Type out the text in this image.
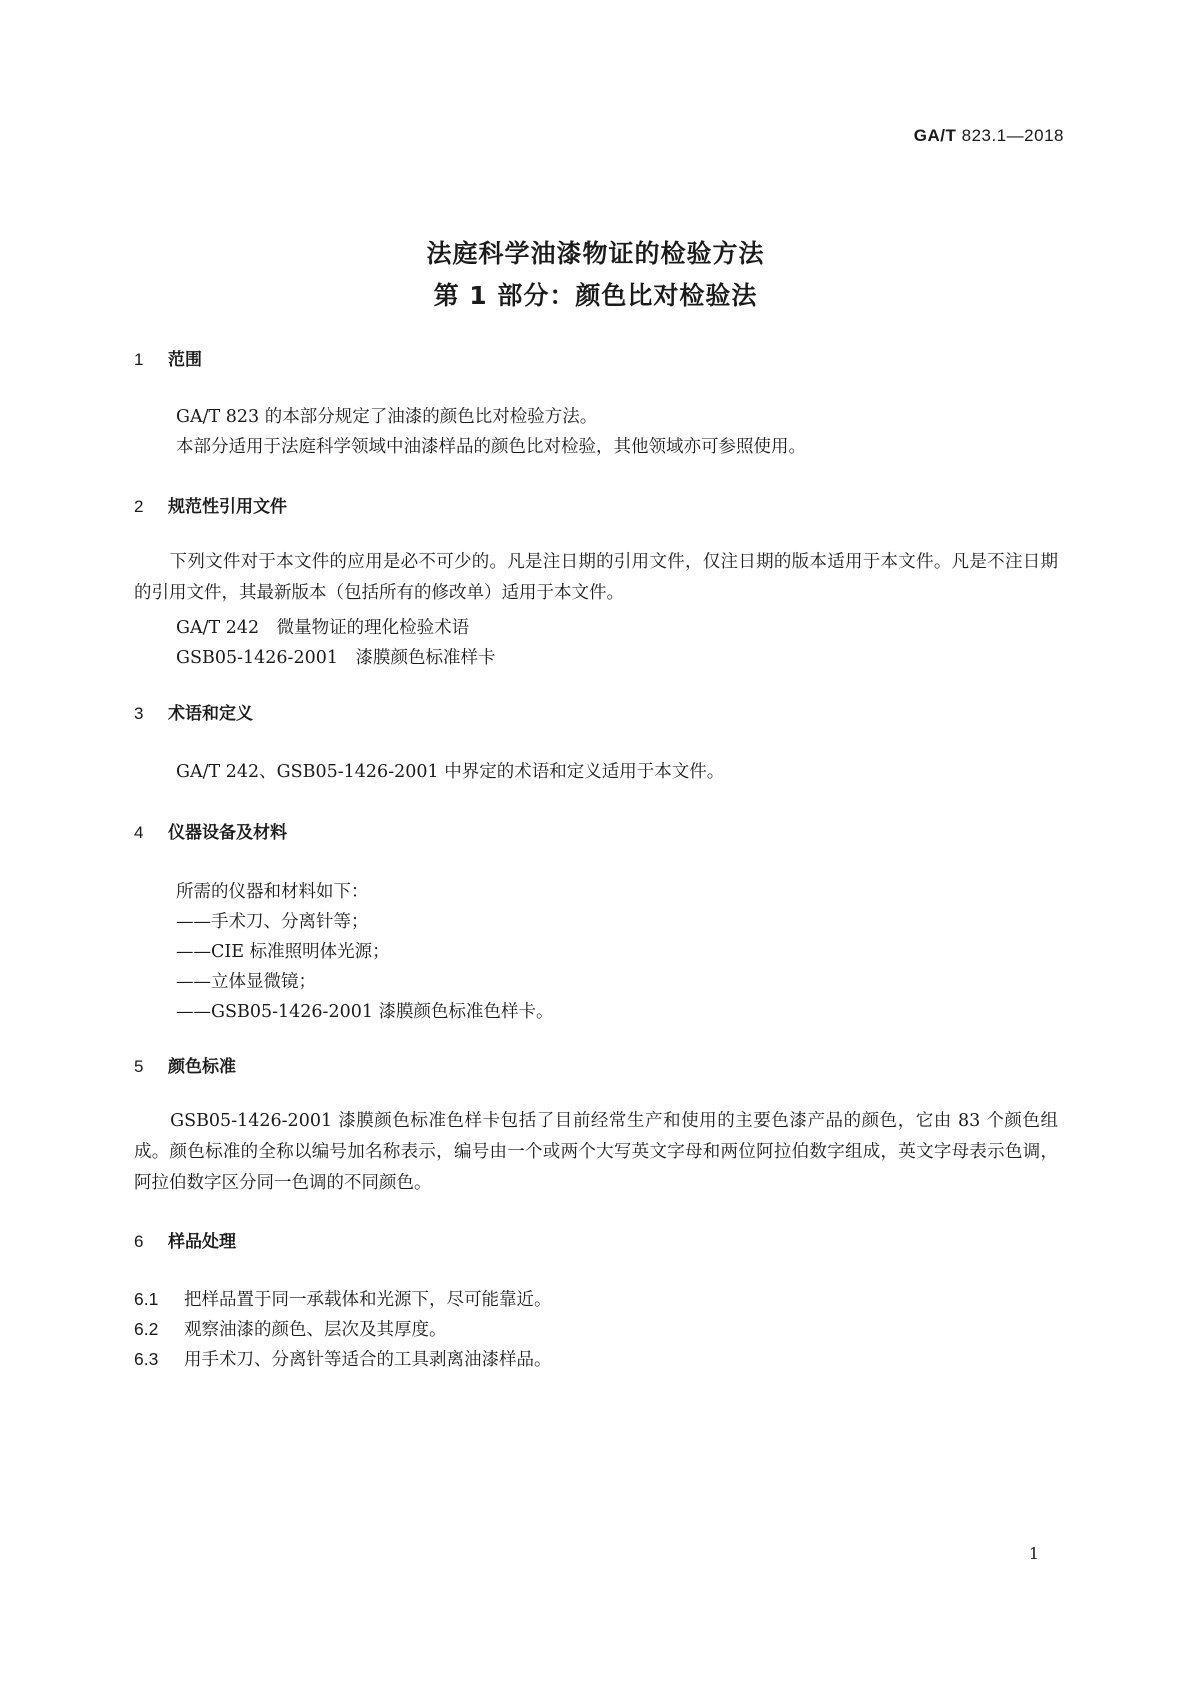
GA/T 823.1—2018
法庭科学油漆物证的检验方法
第 1 部分：颜色比对检验法
1 范围
GA/T 823 的本部分规定了油漆的颜色比对检验方法。
本部分适用于法庭科学领域中油漆样品的颜色比对检验，其他领域亦可参照使用。
2 规范性引用文件
　　下列文件对于本文件的应用是必不可少的。凡是注日期的引用文件，仅注日期的版本适用于本文件。凡是不注日期的引用文件，其最新版本（包括所有的修改单）适用于本文件。
GA/T 242　微量物证的理化检验术语
GSB05-1426-2001　漆膜颜色标准样卡
3 术语和定义
GA/T 242、GSB05-1426-2001 中界定的术语和定义适用于本文件。
4 仪器设备及材料
所需的仪器和材料如下：
——手术刀、分离针等；
——CIE 标准照明体光源；
——立体显微镜；
——GSB05-1426-2001 漆膜颜色标准色样卡。
5 颜色标准
　　GSB05-1426-2001 漆膜颜色标准色样卡包括了目前经常生产和使用的主要色漆产品的颜色，它由 83 个颜色组成。颜色标准的全称以编号加名称表示，编号由一个或两个大写英文字母和两位阿拉伯数字组成，英文字母表示色调，阿拉伯数字区分同一色调的不同颜色。
6 样品处理
6.1 把样品置于同一承载体和光源下，尽可能靠近。
6.2 观察油漆的颜色、层次及其厚度。
6.3 用手术刀、分离针等适合的工具剥离油漆样品。
1
